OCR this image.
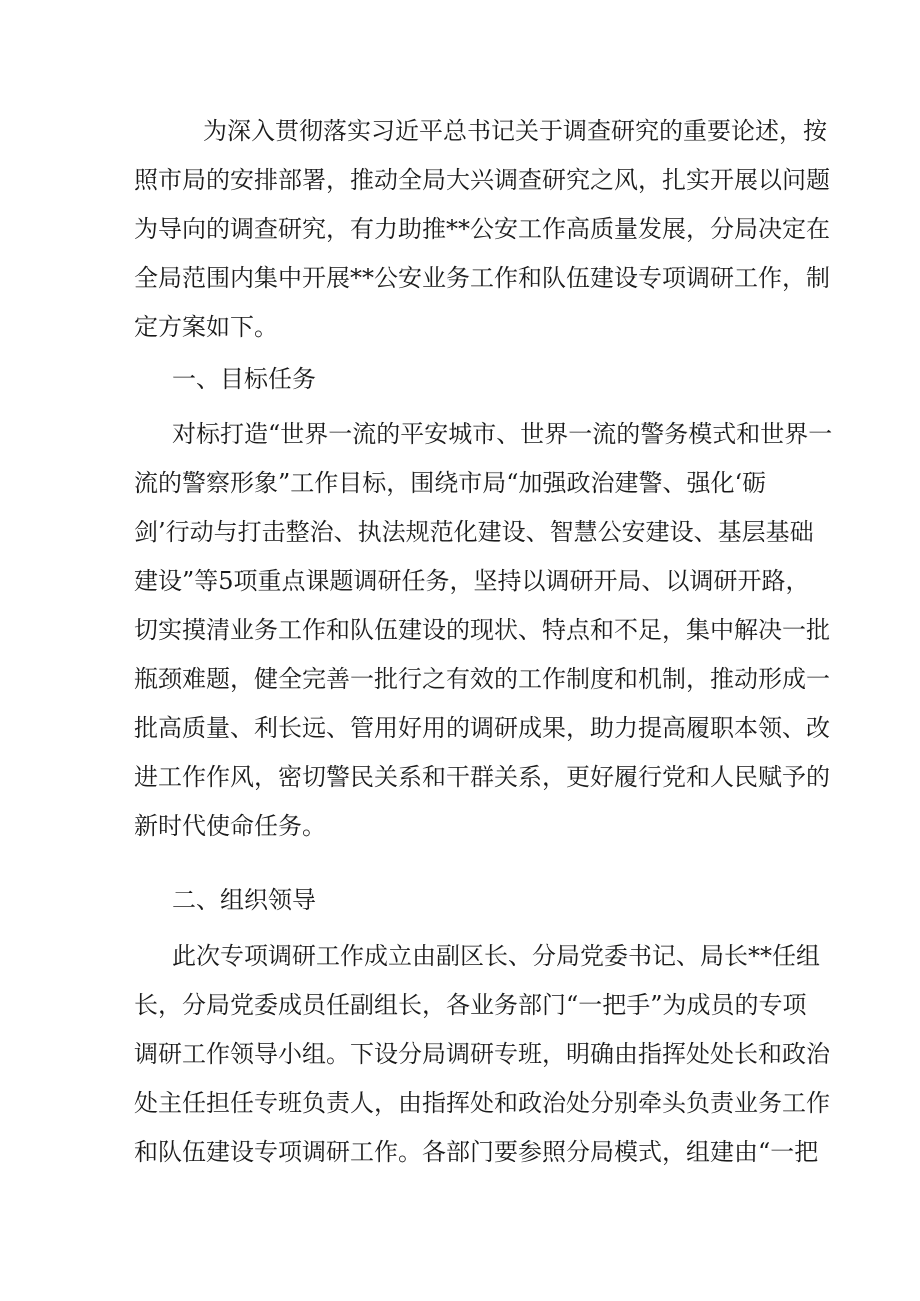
为深入贯彻落实习近平总书记关于调查研究的重要论述，按

照市局的安排部署，推动全局大兴调查研究之风，扎实开展以问题

为导向的调查研究，有力助推**公安工作高质量发展，分局决定在

全局范围内集中开展**公安业务工作和队伍建设专项调研工作，制

定方案如下。

一、目标任务

对标打造“世界一流的平安城市、世界一流的警务模式和世界一

流的警察形象”工作目标，围绕市局“加强政治建警、强化‘砺

剑’行动与打击整治、执法规范化建设、智慧公安建设、基层基础

建设”等5项重点课题调研任务，坚持以调研开局、以调研开路，

切实摸清业务工作和队伍建设的现状、特点和不足，集中解决一批

瓶颈难题，健全完善一批行之有效的工作制度和机制，推动形成一

批高质量、利长远、管用好用的调研成果，助力提高履职本领、改

进工作作风，密切警民关系和干群关系，更好履行党和人民赋予的

新时代使命任务。

二、组织领导

此次专项调研工作成立由副区长、分局党委书记、局长**任组

长，分局党委成员任副组长，各业务部门“一把手”为成员的专项

调研工作领导小组。下设分局调研专班，明确由指挥处处长和政治

处主任担任专班负责人，由指挥处和政治处分别牵头负责业务工作

和队伍建设专项调研工作。各部门要参照分局模式，组建由“一把
